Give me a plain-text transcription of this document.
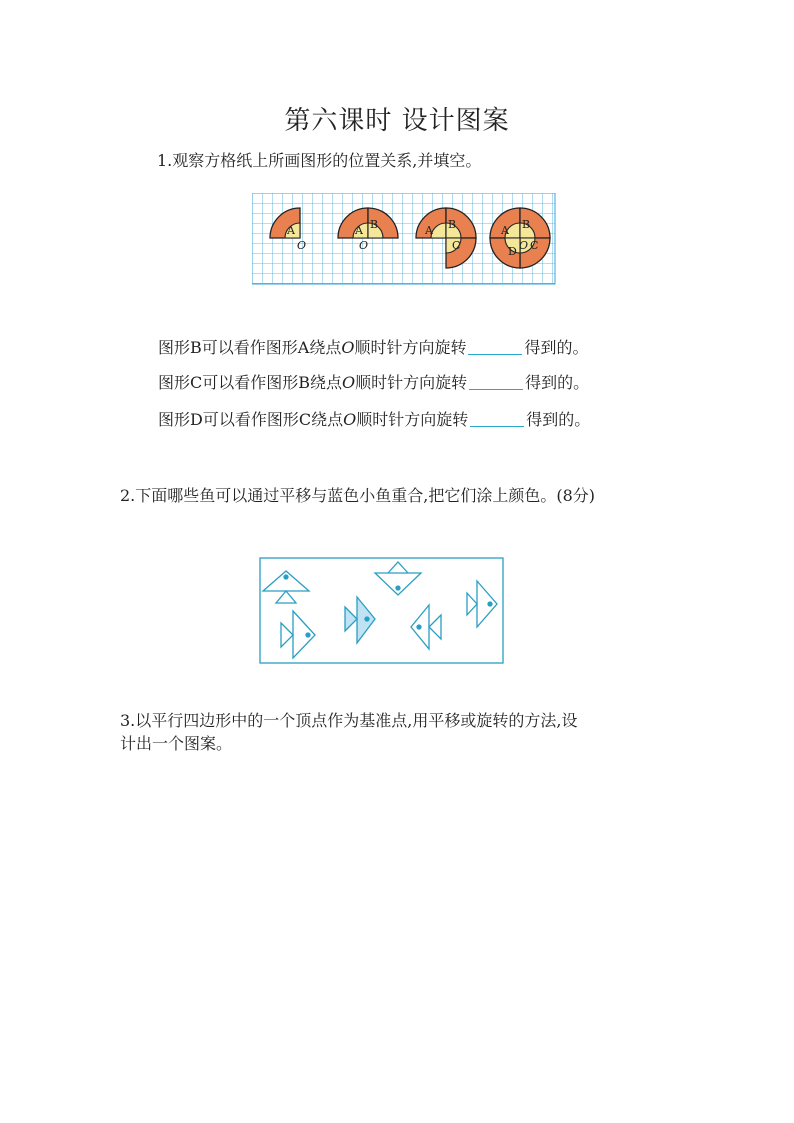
第六课时 设计图案
1.观察方格纸上所画图形的位置关系,并填空。
A
O
A B
O
A B
C
A B
C
D O
图形B可以看作图形A绕点O顺时针方向旋转	得到的。
图形C可以看作图形B绕点O顺时针方向旋转	得到的。
图形D可以看作图形C绕点O顺时针方向旋转	得到的。
2.下面哪些鱼可以通过平移与蓝色小鱼重合,把它们涂上颜色。(8分)
3.以平行四边形中的一个顶点作为基准点,用平移或旋转的方法,设
计出一个图案。
